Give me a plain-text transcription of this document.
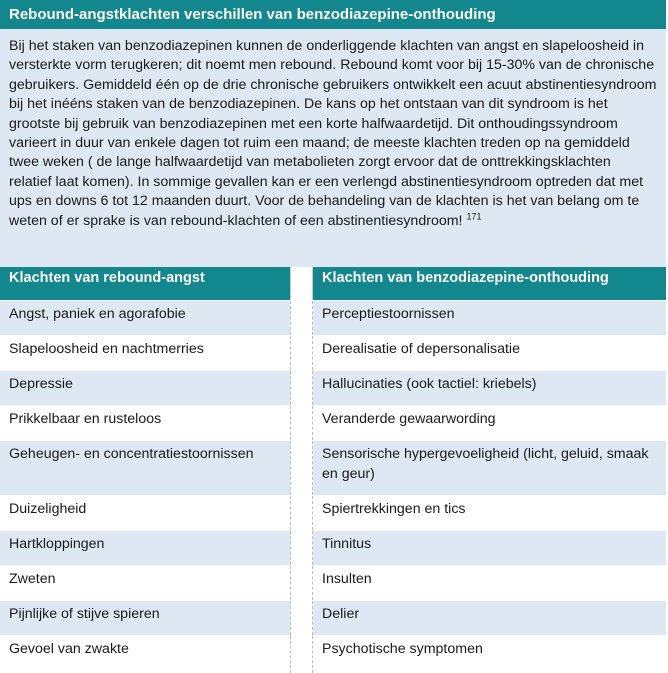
Rebound-angstklachten verschillen van benzodiazepine-onthouding
Bij het staken van benzodiazepinen kunnen de onderliggende klachten van angst en slapeloosheid in versterkte vorm terugkeren; dit noemt men rebound. Rebound komt voor bij 15-30% van de chronische gebruikers. Gemiddeld één op de drie chronische gebruikers ontwikkelt een acuut abstinentiesyndroom bij het inééns staken van de benzodiazepinen. De kans op het ontstaan van dit syndroom is het grootste bij gebruik van benzodiazepinen met een korte halfwaardetijd. Dit onthoudingssyndroom varieert in duur van enkele dagen tot ruim een maand; de meeste klachten treden op na gemiddeld twee weken ( de lange halfwaardetijd van metabolieten zorgt ervoor dat de onttrekkingsklachten relatief laat komen). In sommige gevallen kan er een verlengd abstinentiesyndroom optreden dat met ups en downs 6 tot 12 maanden duurt. Voor de behandeling van de klachten is het van belang om te weten of er sprake is van rebound-klachten of een abstinentiesyndroom! $^{171}$
Klachten van rebound-angst	Klachten van benzodiazepine-onthouding
Angst, paniek en agorafobie	Perceptiestoornissen
Slapeloosheid en nachtmerries	Derealisatie of depersonalisatie
Depressie	Hallucinaties (ook tactiel: kriebels)
Prikkelbaar en rusteloos	Veranderde gewaarwording
Geheugen- en concentratiestoornissen	Sensorische hypergevoeligheid (licht, geluid, smaak en geur)
Duizeligheid	Spiertrekkingen en tics
Hartkloppingen	Tinnitus
Zweten	Insulten
Pijnlijke of stijve spieren	Delier
Gevoel van zwakte	Psychotische symptomen
